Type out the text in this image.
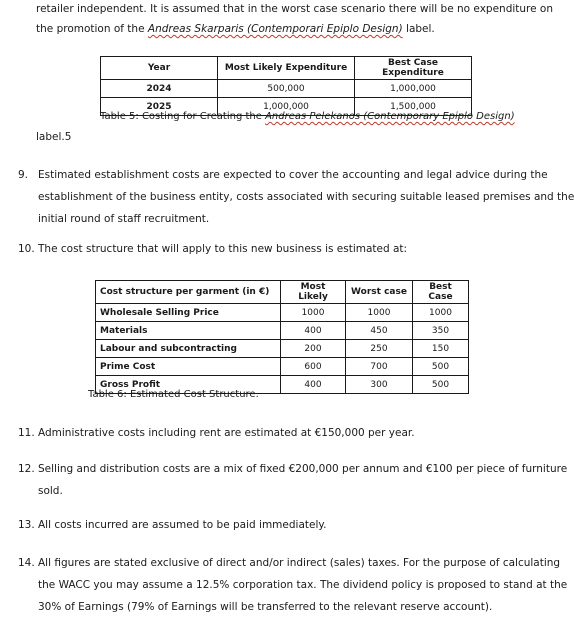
retailer independent. It is assumed that in the worst case scenario there will be no expenditure on

the promotion of the Andreas Skarparis (Contemporari Epiplo Design) label.

Year	Most Likely Expenditure	Best Case Expenditure
2024	500,000	1,000,000
2025	1,000,000	1,500,000

Table 5: Costing for Creating the Andreas Pelekanos (Contemporary Epiplo Design)

label.5

9. Estimated establishment costs are expected to cover the accounting and legal advice during the

establishment of the business entity, costs associated with securing suitable leased premises and the

initial round of staff recruitment.

10. The cost structure that will apply to this new business is estimated at:

Cost structure per garment (in €)	Most Likely	Worst case	Best Case
Wholesale Selling Price	1000	1000	1000
Materials	400	450	350
Labour and subcontracting	200	250	150
Prime Cost	600	700	500
Gross Profit	400	300	500

Table 6: Estimated Cost Structure.

11. Administrative costs including rent are estimated at €150,000 per year.

12. Selling and distribution costs are a mix of fixed €200,000 per annum and €100 per piece of furniture

sold.

13. All costs incurred are assumed to be paid immediately.

14. All figures are stated exclusive of direct and/or indirect (sales) taxes. For the purpose of calculating

the WACC you may assume a 12.5% corporation tax. The dividend policy is proposed to stand at the

30% of Earnings (79% of Earnings will be transferred to the relevant reserve account).
